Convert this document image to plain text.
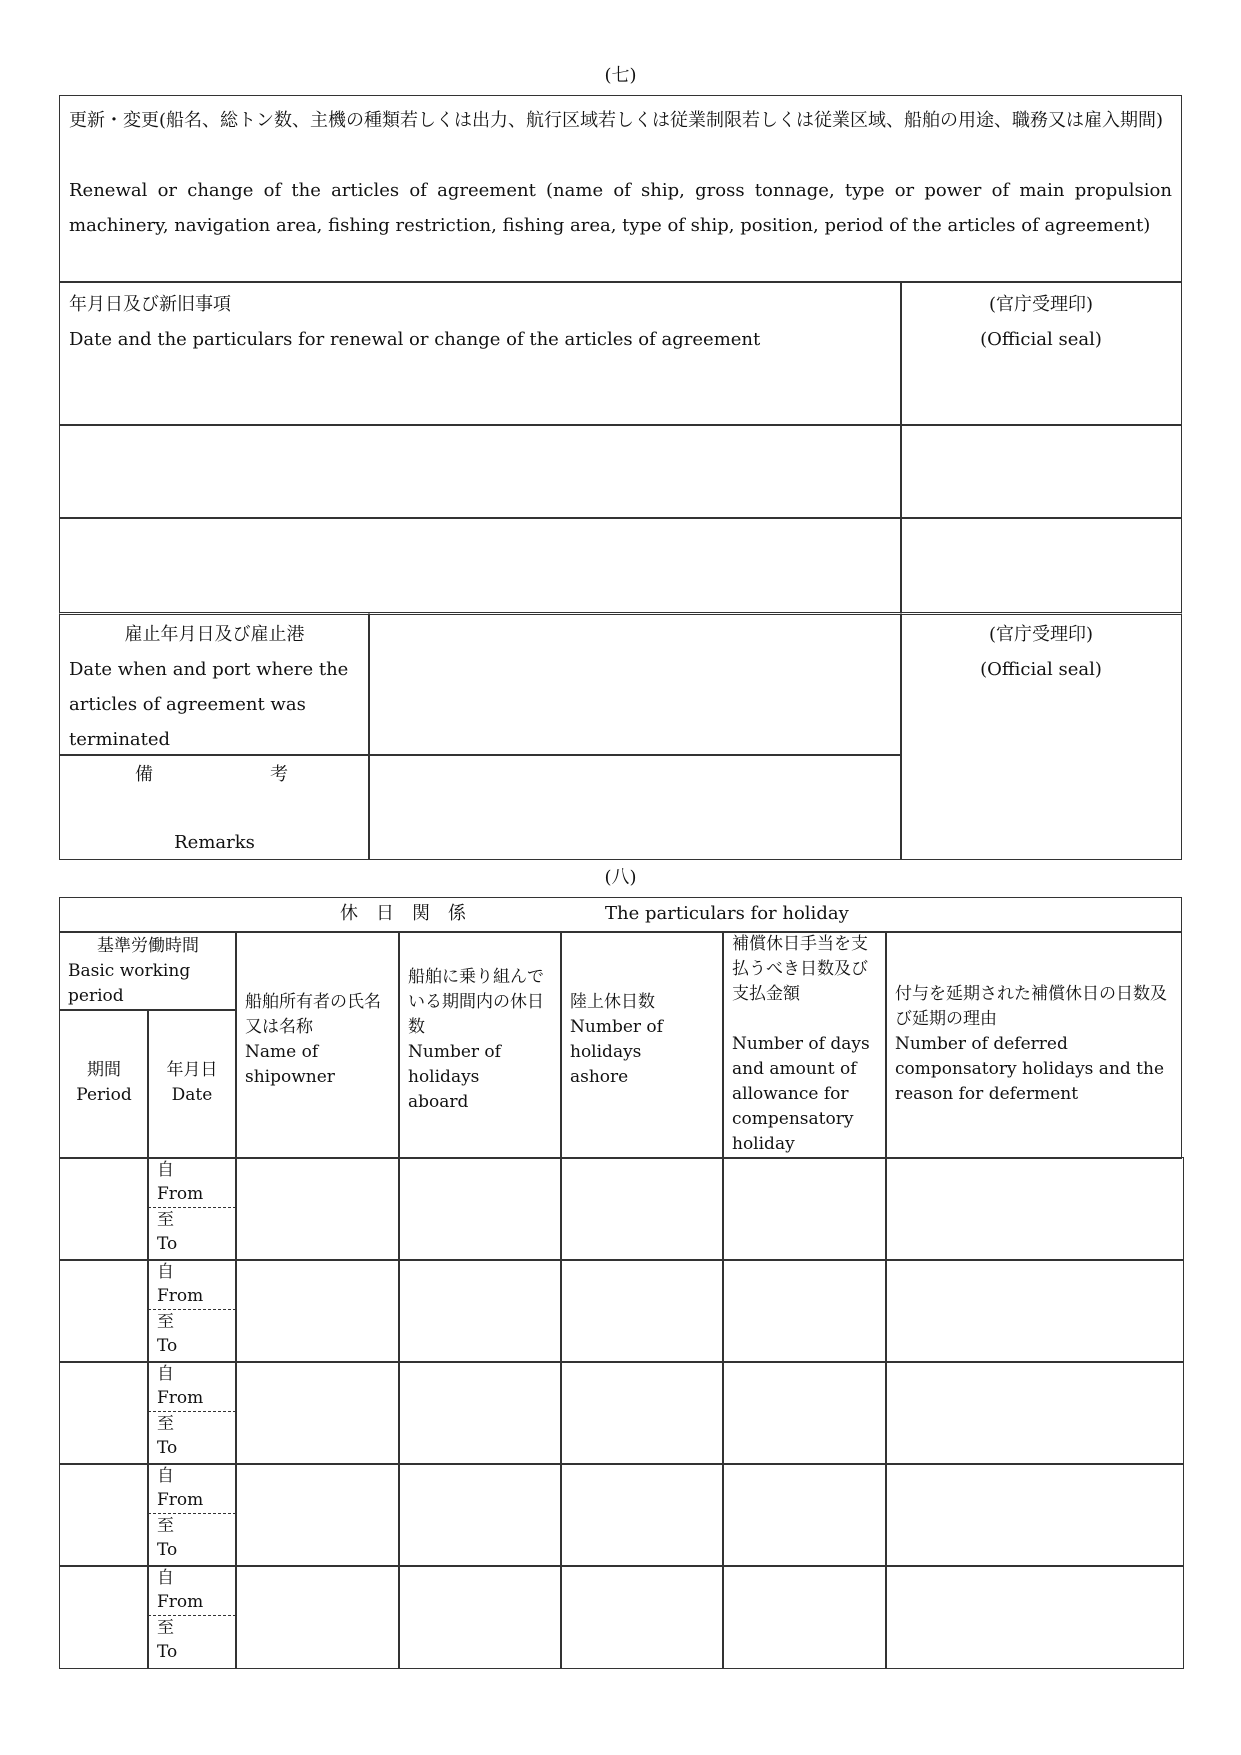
(七)
更新・変更(船名、総トン数、主機の種類若しくは出力、航行区域若しくは従業制限若しくは従業区域、船舶の用途、職務又は雇入期間)
Renewal or change of the articles of agreement (name of ship, gross tonnage, type or power of main propulsion machinery, navigation area, fishing restriction, fishing area, type of ship, position, period of the articles of agreement)
年月日及び新旧事項
Date and the particulars for renewal or change of the articles of agreement
(官庁受理印)
(Official seal)
雇止年月日及び雇止港
Date when and port where the articles of agreement was terminated
備	考
Remarks
(官庁受理印)
(Official seal)
(八)
休　日　関　係	The particulars for holiday
基準労働時間
Basic working period
期間
Period
年月日
Date
船舶所有者の氏名又は名称
Name of shipowner
船舶に乗り組んでいる期間内の休日数
Number of holidays aboard
陸上休日数
Number of holidays ashore
補償休日手当を支払うべき日数及び支払金額
Number of days and amount of allowance for compensatory holiday
付与を延期された補償休日の日数及び延期の理由
Number of deferred componsatory holidays and the reason for deferment
自
From
至
To
自
From
至
To
自
From
至
To
自
From
至
To
自
From
至
To
